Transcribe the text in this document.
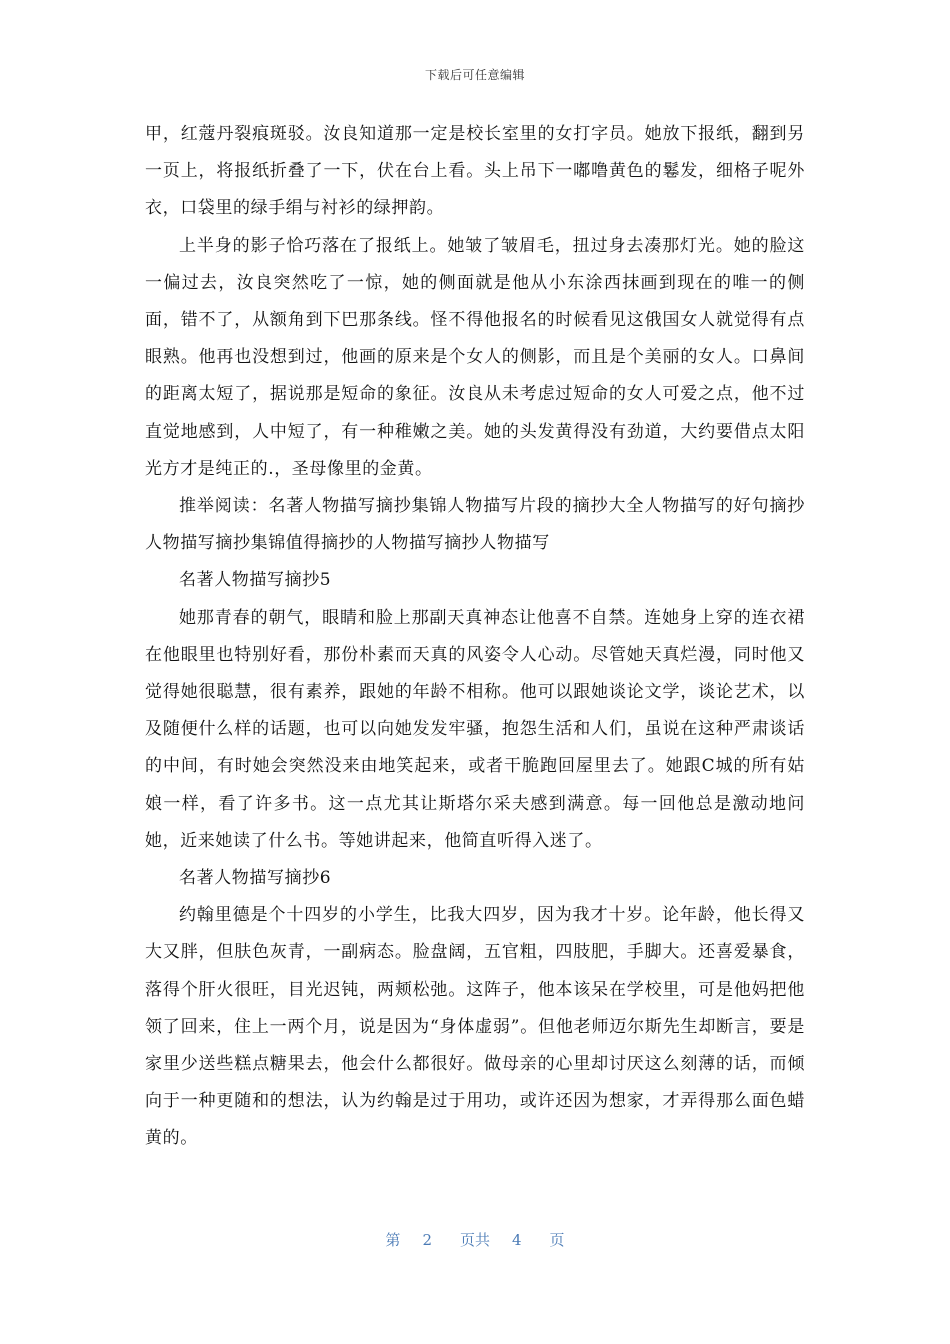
下载后可任意编辑

甲，红蔻丹裂痕斑驳。汝良知道那一定是校长室里的女打字员。她放下报纸，翻到另一页上，将报纸折叠了一下，伏在台上看。头上吊下一嘟噜黄色的鬈发，细格子呢外衣，口袋里的绿手绢与衬衫的绿押韵。

上半身的影子恰巧落在了报纸上。她皱了皱眉毛，扭过身去凑那灯光。她的脸这一偏过去，汝良突然吃了一惊，她的侧面就是他从小东涂西抹画到现在的唯一的侧面，错不了，从额角到下巴那条线。怪不得他报名的时候看见这俄国女人就觉得有点眼熟。他再也没想到过，他画的原来是个女人的侧影，而且是个美丽的女人。口鼻间的距离太短了，据说那是短命的象征。汝良从未考虑过短命的女人可爱之点，他不过直觉地感到，人中短了，有一种稚嫩之美。她的头发黄得没有劲道，大约要借点太阳光方才是纯正的.，圣母像里的金黄。

推举阅读：名著人物描写摘抄集锦人物描写片段的摘抄大全人物描写的好句摘抄人物描写摘抄集锦值得摘抄的人物描写摘抄人物描写

名著人物描写摘抄5

她那青春的朝气，眼睛和脸上那副天真神态让他喜不自禁。连她身上穿的连衣裙在他眼里也特别好看，那份朴素而天真的风姿令人心动。尽管她天真烂漫，同时他又觉得她很聪慧，很有素养，跟她的年龄不相称。他可以跟她谈论文学，谈论艺术，以及随便什么样的话题，也可以向她发发牢骚，抱怨生活和人们，虽说在这种严肃谈话的中间，有时她会突然没来由地笑起来，或者干脆跑回屋里去了。她跟C城的所有姑娘一样，看了许多书。这一点尤其让斯塔尔采夫感到满意。每一回他总是激动地问她，近来她读了什么书。等她讲起来，他简直听得入迷了。

名著人物描写摘抄6

约翰里德是个十四岁的小学生，比我大四岁，因为我才十岁。论年龄，他长得又大又胖，但肤色灰青，一副病态。脸盘阔，五官粗，四肢肥，手脚大。还喜爱暴食，落得个肝火很旺，目光迟钝，两颊松弛。这阵子，他本该呆在学校里，可是他妈把他领了回来，住上一两个月，说是因为“身体虚弱”。但他老师迈尔斯先生却断言，要是家里少送些糕点糖果去，他会什么都很好。做母亲的心里却讨厌这么刻薄的话，而倾向于一种更随和的想法，认为约翰是过于用功，或许还因为想家，才弄得那么面色蜡黄的。

第 2 页共 4 页
